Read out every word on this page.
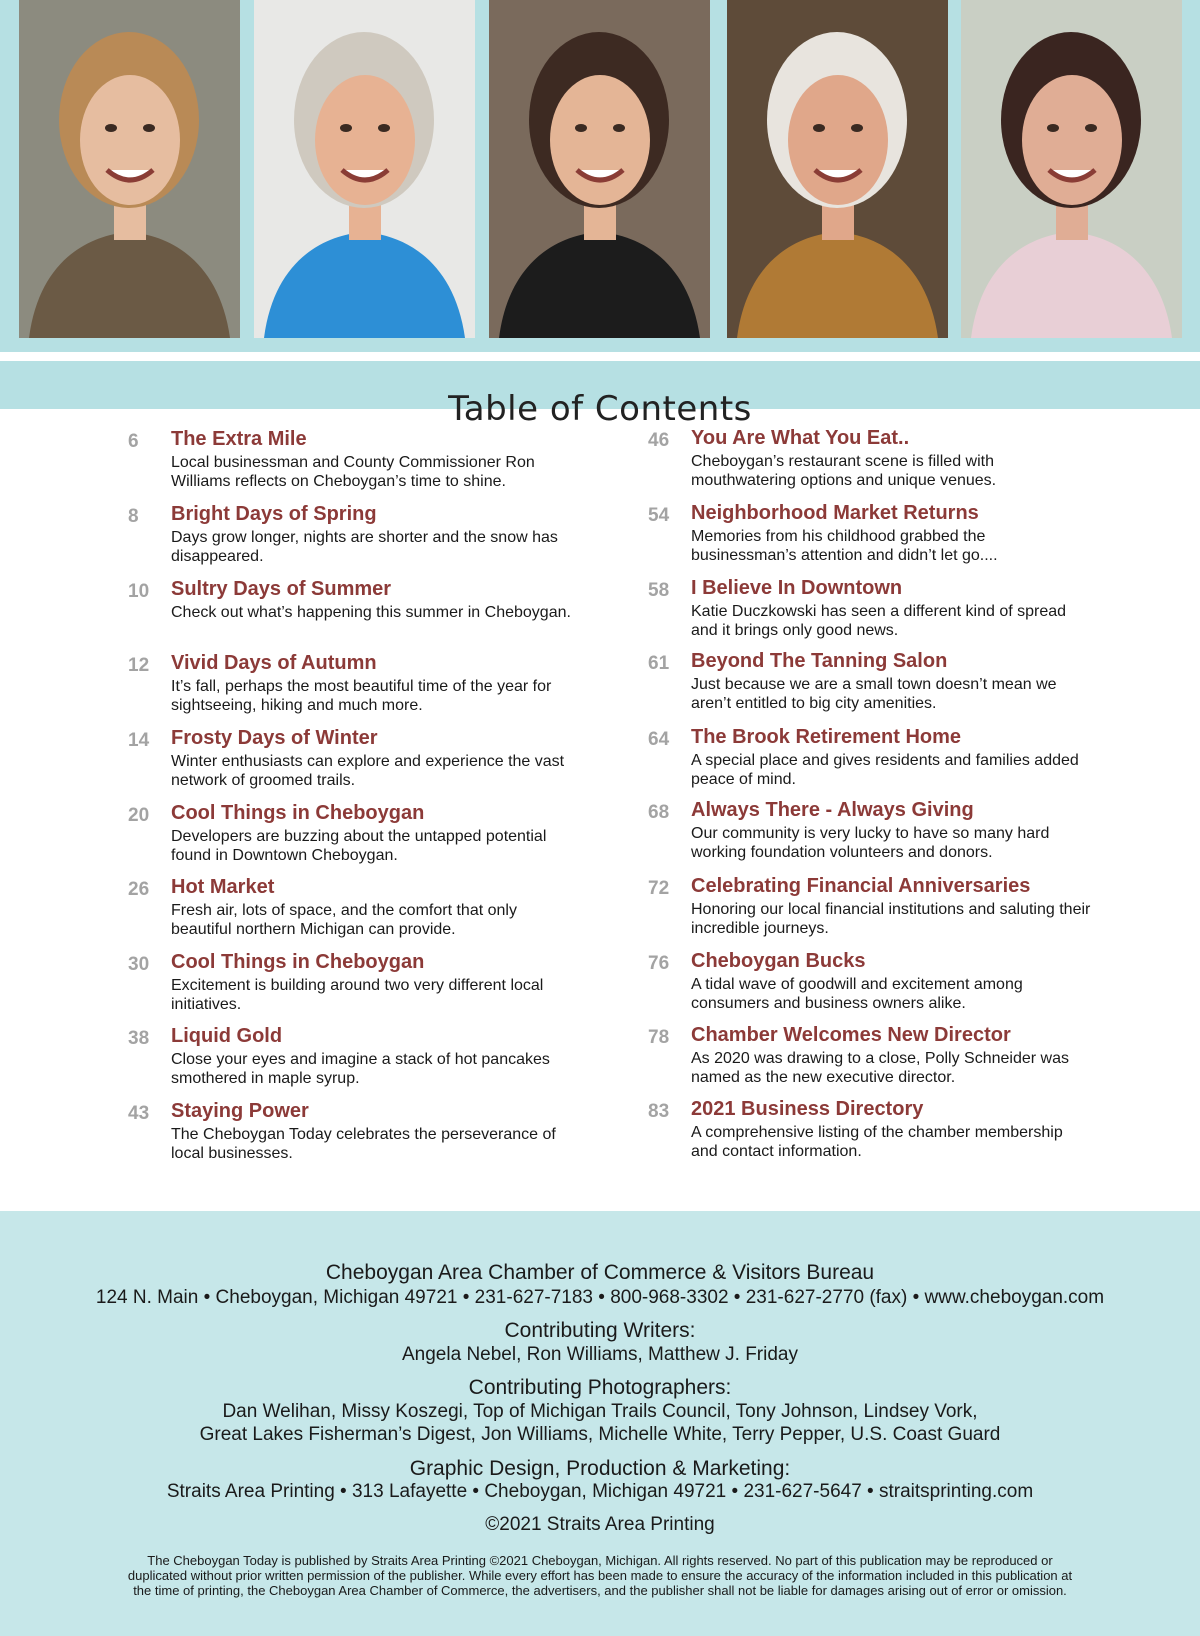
Table of Contents
6	The Extra Mile
Local businessman and County Commissioner Ron Williams reflects on Cheboygan’s time to shine.
8	Bright Days of Spring
Days grow longer, nights are shorter and the snow has disappeared.
10	Sultry Days of Summer
Check out what’s happening this summer in Cheboygan.
12	Vivid Days of Autumn
It’s fall, perhaps the most beautiful time of the year for sightseeing, hiking and much more.
14	Frosty Days of Winter
Winter enthusiasts can explore and experience the vast network of groomed trails.
20	Cool Things in Cheboygan
Developers are buzzing about the untapped potential found in Downtown Cheboygan.
26	Hot Market
Fresh air, lots of space, and the comfort that only beautiful northern Michigan can provide.
30	Cool Things in Cheboygan
Excitement is building around two very different local initiatives.
38	Liquid Gold
Close your eyes and imagine a stack of hot pancakes smothered in maple syrup.
43	Staying Power
The Cheboygan Today celebrates the perseverance of local businesses.
46	You Are What You Eat..
Cheboygan’s restaurant scene is filled with mouthwatering options and unique venues.
54	Neighborhood Market Returns
Memories from his childhood grabbed the businessman’s attention and didn’t let go....
58	I Believe In Downtown
Katie Duczkowski has seen a different kind of spread and it brings only good news.
61	Beyond The Tanning Salon
Just because we are a small town doesn’t mean we aren’t entitled to big city amenities.
64	The Brook Retirement Home
A special place and gives residents and families added peace of mind.
68	Always There - Always Giving
Our community is very lucky to have so many hard working foundation volunteers and donors.
72	Celebrating Financial Anniversaries
Honoring our local financial institutions and saluting their incredible journeys.
76	Cheboygan Bucks
A tidal wave of goodwill and excitement among consumers and business owners alike.
78	Chamber Welcomes New Director
As 2020 was drawing to a close, Polly Schneider was named as the new executive director.
83	2021 Business Directory
A comprehensive listing of the chamber membership and contact information.
Cheboygan Area Chamber of Commerce & Visitors Bureau
124 N. Main • Cheboygan, Michigan 49721 • 231-627-7183 • 800-968-3302 • 231-627-2770 (fax) • www.cheboygan.com
Contributing Writers:
Angela Nebel, Ron Williams, Matthew J. Friday
Contributing Photographers:
Dan Welihan, Missy Koszegi, Top of Michigan Trails Council, Tony Johnson, Lindsey Vork,
Great Lakes Fisherman’s Digest, Jon Williams, Michelle White, Terry Pepper, U.S. Coast Guard
Graphic Design, Production & Marketing:
Straits Area Printing • 313 Lafayette • Cheboygan, Michigan 49721 • 231-627-5647 • straitsprinting.com
©2021 Straits Area Printing
The Cheboygan Today is published by Straits Area Printing ©2021 Cheboygan, Michigan. All rights reserved. No part of this publication may be reproduced or
duplicated without prior written permission of the publisher. While every effort has been made to ensure the accuracy of the information included in this publication at
the time of printing, the Cheboygan Area Chamber of Commerce, the advertisers, and the publisher shall not be liable for damages arising out of error or omission.
